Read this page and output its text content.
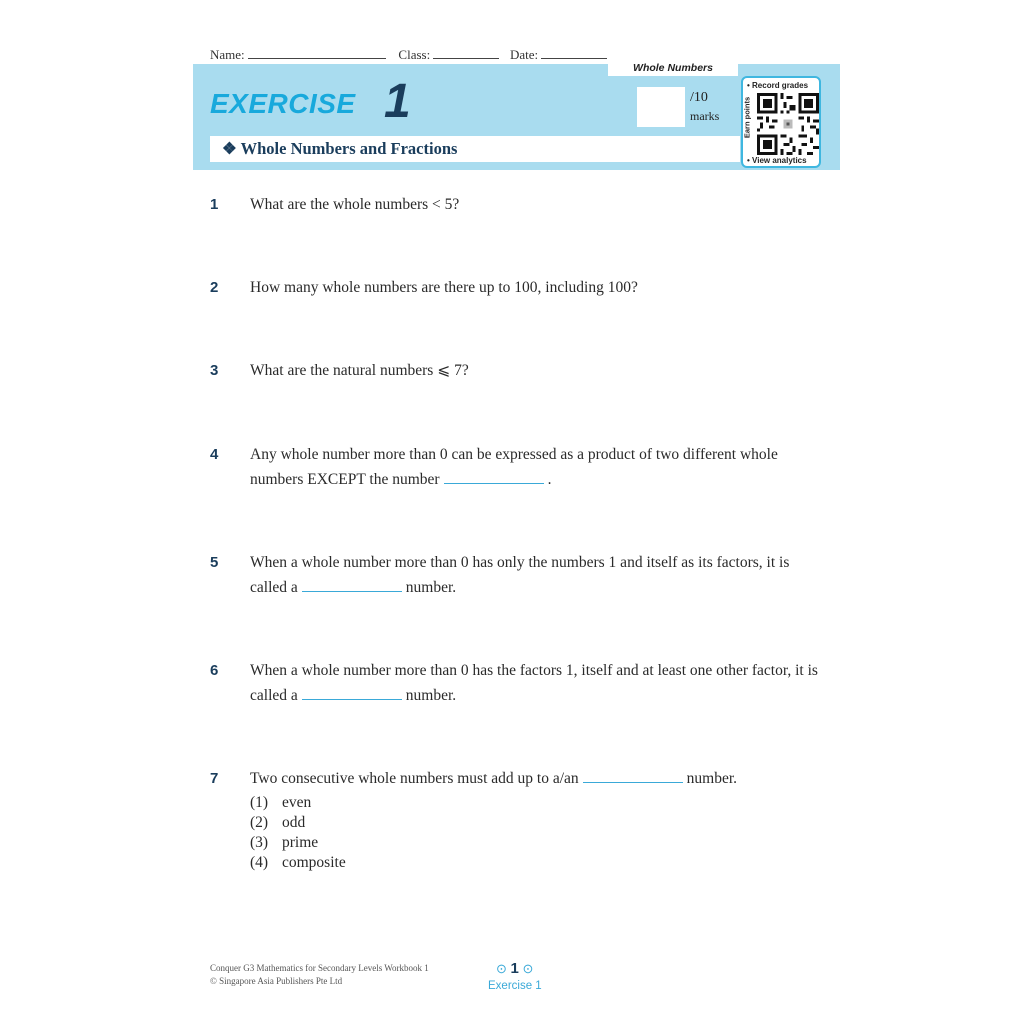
Name:	Class:	Date:
Whole Numbers
EXERCISE 1	/10
marks
❖ Whole Numbers and Fractions
• Record grades
Earn points
• View analytics
1 What are the whole numbers < 5?
2 How many whole numbers are there up to 100, including 100?
3 What are the natural numbers ⩽ 7?
4 Any whole number more than 0 can be expressed as a product of two different whole numbers EXCEPT the number	.
5 When a whole number more than 0 has only the numbers 1 and itself as its factors, it is called a	number.
6 When a whole number more than 0 has the factors 1, itself and at least one other factor, it is called a	number.
7 Two consecutive whole numbers must add up to a/an	number.
(1) even
(2) odd
(3) prime
(4) composite
Conquer G3 Mathematics for Secondary Levels Workbook 1
© Singapore Asia Publishers Pte Ltd
⊙ 1 ⊙
Exercise 1
